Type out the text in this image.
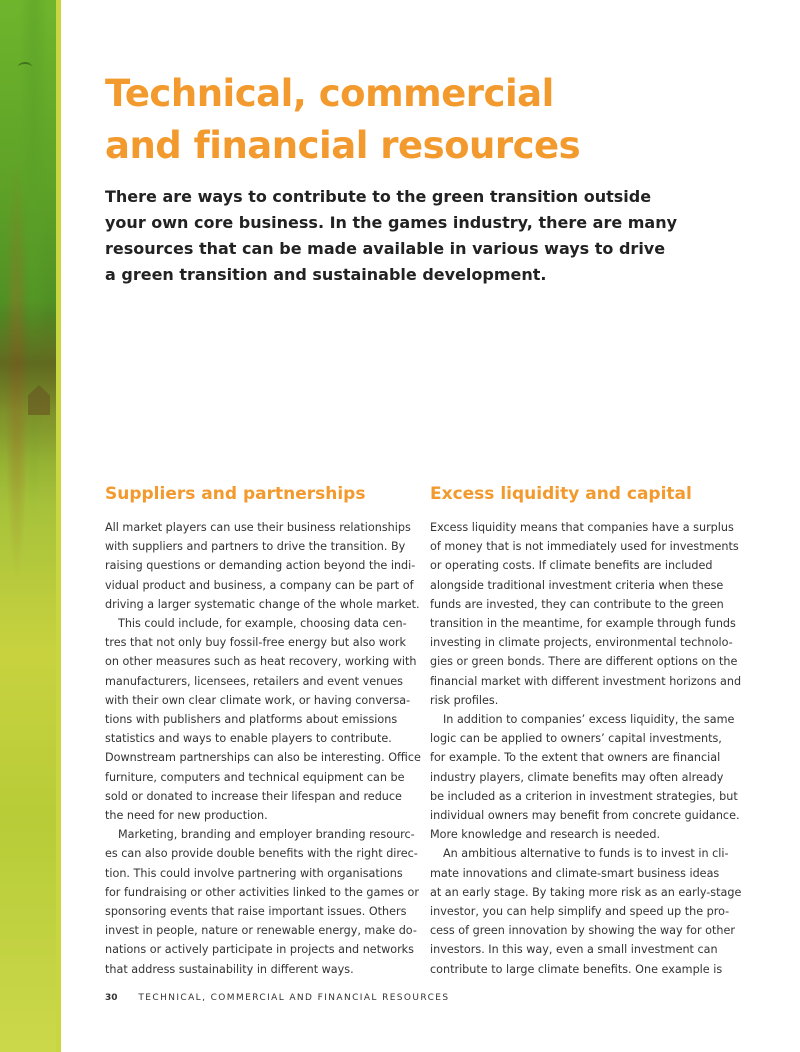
Technical, commercial
and financial resources

There are ways to contribute to the green transition outside
your own core business. In the games industry, there are many
resources that can be made available in various ways to drive
a green transition and sustainable development.

Suppliers and partnerships
All market players can use their business relationships
with suppliers and partners to drive the transition. By
raising questions or demanding action beyond the indi-
vidual product and business, a company can be part of
driving a larger systematic change of the whole market.
This could include, for example, choosing data cen-
tres that not only buy fossil-free energy but also work
on other measures such as heat recovery, working with
manufacturers, licensees, retailers and event venues
with their own clear climate work, or having conversa-
tions with publishers and platforms about emissions
statistics and ways to enable players to contribute.
Downstream partnerships can also be interesting. Office
furniture, computers and technical equipment can be
sold or donated to increase their lifespan and reduce
the need for new production.
Marketing, branding and employer branding resourc-
es can also provide double benefits with the right direc-
tion. This could involve partnering with organisations
for fundraising or other activities linked to the games or
sponsoring events that raise important issues. Others
invest in people, nature or renewable energy, make do-
nations or actively participate in projects and networks
that address sustainability in different ways.
Excess liquidity and capital
Excess liquidity means that companies have a surplus
of money that is not immediately used for investments
or operating costs. If climate benefits are included
alongside traditional investment criteria when these
funds are invested, they can contribute to the green
transition in the meantime, for example through funds
investing in climate projects, environmental technolo-
gies or green bonds. There are different options on the
financial market with different investment horizons and
risk profiles.
In addition to companies’ excess liquidity, the same
logic can be applied to owners’ capital investments,
for example. To the extent that owners are financial
industry players, climate benefits may often already
be included as a criterion in investment strategies, but
individual owners may benefit from concrete guidance.
More knowledge and research is needed.
An ambitious alternative to funds is to invest in cli-
mate innovations and climate-smart business ideas
at an early stage. By taking more risk as an early-stage
investor, you can help simplify and speed up the pro-
cess of green innovation by showing the way for other
investors. In this way, even a small investment can
contribute to large climate benefits. One example is
30 TECHNICAL, COMMERCIAL AND FINANCIAL RESOURCES
